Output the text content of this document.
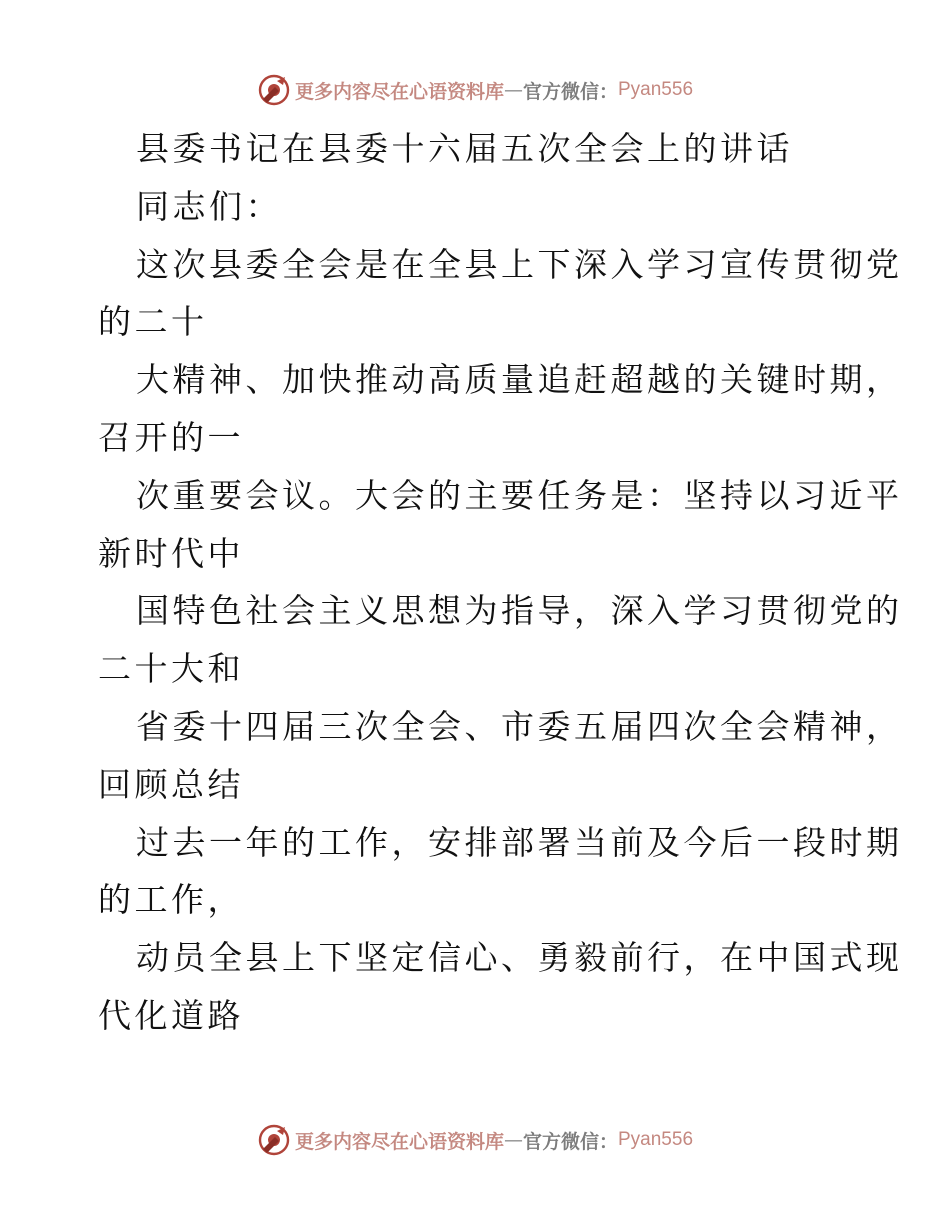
更多内容尽在心语资料库 — 官方微信： Pyan556
县委书记在县委十六届五次全会上的讲话
同志们：
这次县委全会是在全县上下深入学习宣传贯彻党
的二十
大精神、加快推动高质量追赶超越的关键时期，
召开的一
次重要会议。大会的主要任务是：坚持以习近平
新时代中
国特色社会主义思想为指导，深入学习贯彻党的
二十大和
省委十四届三次全会、市委五届四次全会精神，
回顾总结
过去一年的工作，安排部署当前及今后一段时期
的工作，
动员全县上下坚定信心、勇毅前行，在中国式现
代化道路
更多内容尽在心语资料库 — 官方微信： Pyan556
